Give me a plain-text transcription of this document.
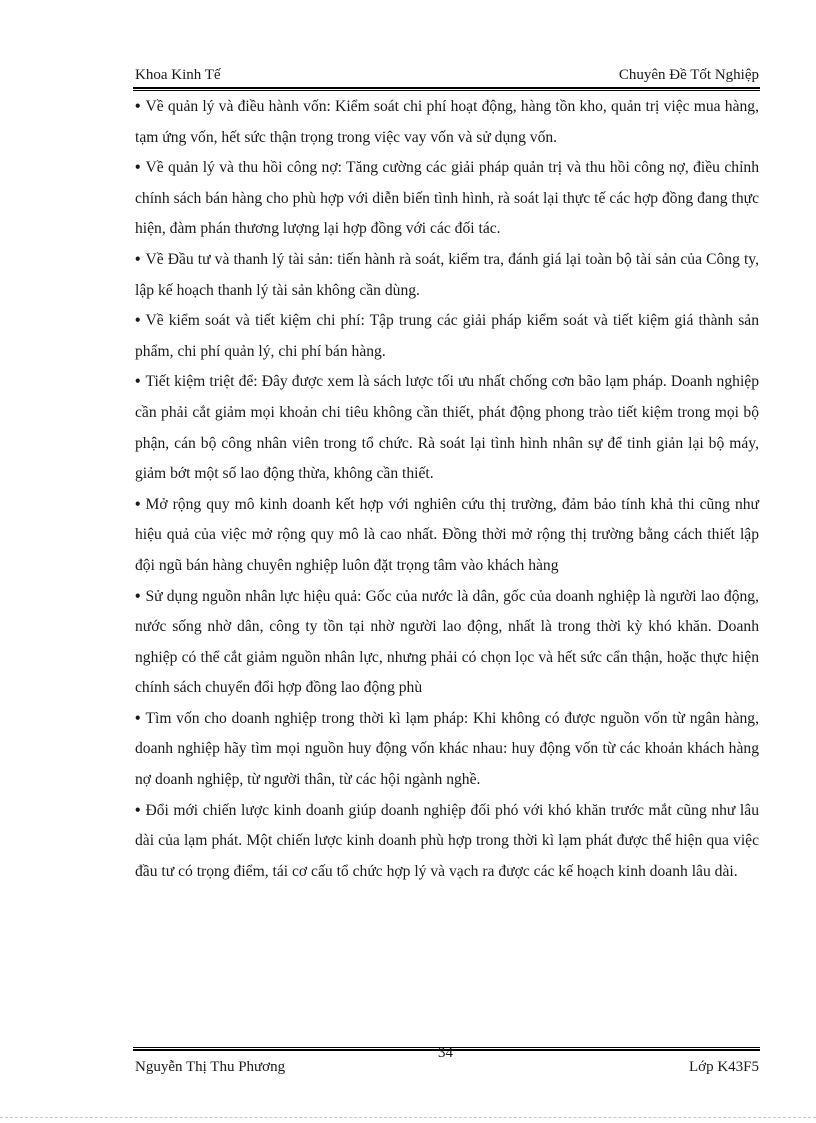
Khoa Kinh Tế	Chuyên Đề Tốt Nghiệp

• Về quản lý và điều hành vốn: Kiểm soát chi phí hoạt động, hàng tồn kho, quản trị việc mua hàng, tạm ứng vốn, hết sức thận trọng trong việc vay vốn và sử dụng vốn.

• Về quản lý và thu hồi công nợ: Tăng cường các giải pháp quản trị và thu hồi công nợ, điều chỉnh chính sách bán hàng cho phù hợp với diễn biến tình hình, rà soát lại thực tế các hợp đồng đang thực hiện, đàm phán thương lượng lại hợp đồng với các đối tác.

• Về Đầu tư và thanh lý tài sản: tiến hành rà soát, kiểm tra, đánh giá lại toàn bộ tài sản của Công ty, lập kế hoạch thanh lý tài sản không cần dùng.

• Về kiểm soát và tiết kiệm chi phí: Tập trung các giải pháp kiểm soát và tiết kiệm giá thành sản phẩm, chi phí quản lý, chi phí bán hàng.

• Tiết kiệm triệt để: Đây được xem là sách lược tối ưu nhất chống cơn bão lạm pháp. Doanh nghiệp cần phải cắt giảm mọi khoản chi tiêu không cần thiết, phát động phong trào tiết kiệm trong mọi bộ phận, cán bộ công nhân viên trong tổ chức. Rà soát lại tình hình nhân sự để tinh giản lại bộ máy, giảm bớt một số lao động thừa, không cần thiết.

• Mở rộng quy mô kinh doanh kết hợp với nghiên cứu thị trường, đảm bảo tính khả thi cũng như hiệu quả của việc mở rộng quy mô là cao nhất. Đồng thời mở rộng thị trường bằng cách thiết lập đội ngũ bán hàng chuyên nghiệp luôn đặt trọng tâm vào khách hàng

• Sử dụng nguồn nhân lực hiệu quả: Gốc của nước là dân, gốc của doanh nghiệp là người lao động, nước sống nhờ dân, công ty tồn tại nhờ người lao động, nhất là trong thời kỳ khó khăn. Doanh nghiệp có thể cắt giảm nguồn nhân lực, nhưng phải có chọn lọc và hết sức cẩn thận, hoặc thực hiện chính sách chuyển đổi hợp đồng lao động phù

• Tìm vốn cho doanh nghiệp trong thời kì lạm pháp: Khi không có được nguồn vốn từ ngân hàng, doanh nghiệp hãy tìm mọi nguồn huy động vốn khác nhau: huy động vốn từ các khoản khách hàng nợ doanh nghiệp, từ người thân, từ các hội ngành nghề.

• Đổi mới chiến lược kinh doanh giúp doanh nghiệp đối phó với khó khăn trước mắt cũng như lâu dài của lạm phát. Một chiến lược kinh doanh phù hợp trong thời kì lạm phát được thể hiện qua việc đầu tư có trọng điểm, tái cơ cấu tổ chức hợp lý và vạch ra được các kế hoạch kinh doanh lâu dài.

34
Nguyễn Thị Thu Phương	Lớp K43F5
